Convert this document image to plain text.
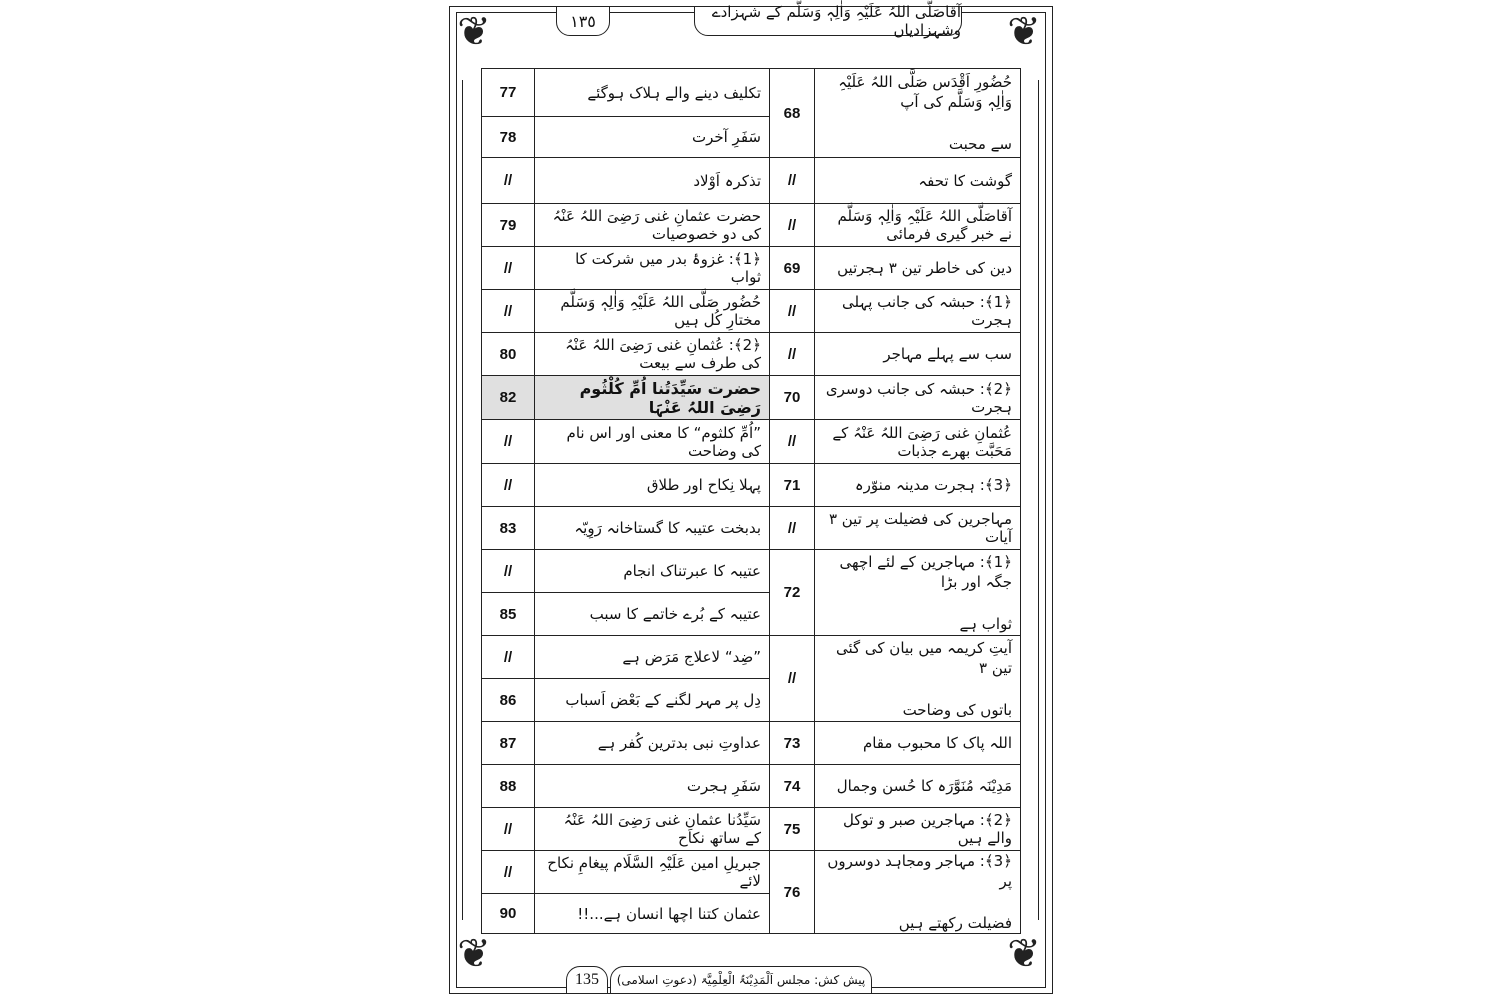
❦	❦
❦	❦
١٣٥	آقاصَلَّی اللہُ عَلَیْہِ وَاٰلِہٖ وَسَلَّم کے شہزادے وشہزادیاں
77	تکلیف دینے والے ہلاک ہوگئے	68	حُضُورِ اَقْدَس صَلَّی اللہُ عَلَیْہِ وَاٰلِہٖ وَسَلَّم کی آپ
سے محبت

78	سَفَرِ آخرت		
//	تذکرہ اَوْلاد	//	گوشت کا تحفہ
79	حضرت عثمانِ غنی رَضِیَ اللہُ عَنْہُ کی دو خصوصیات	//	آقاصَلَّی اللہُ عَلَیْہِ وَاٰلِہٖ وَسَلَّم نے خبر گیری فرمائی
//	﴿1﴾: غزوۂ بدر میں شرکت کا ثواب	69	دین کی خاطر تین ۳ ہجرتیں
//	حُضُور صَلَّی اللہُ عَلَیْہِ وَاٰلِہٖ وَسَلَّم مختارِ کُل ہیں	//	﴿1﴾: حبشہ کی جانب پہلی ہجرت
80	﴿2﴾: عُثمانِ غنی رَضِیَ اللہُ عَنْہُ کی طرف سے بیعت	//	سب سے پہلے مہاجر
82	حضرت سَیِّدَتُنا اُمِّ کُلْثُوم رَضِیَ اللہُ عَنْہَا	70	﴿2﴾: حبشہ کی جانب دوسری ہجرت
//	”اُمِّ کلثوم“ کا معنی اور اس نام کی وضاحت	//	عُثمانِ غنی رَضِیَ اللہُ عَنْہُ کے مَحَبَّت بھرے جذبات
//	پہلا نِکاح اور طلاق	71	﴿3﴾: ہجرت مدینہ منوّرہ
83	بدبخت عتیبہ کا گستاخانہ رَوِیّہ	//	مہاجرین کی فضیلت پر تین ۳ آیات
//	عتیبہ کا عبرتناک انجام	72	﴿1﴾: مہاجرین کے لئے اچھی جگہ اور بڑا
ثواب ہے

85	عتیبہ کے بُرے خاتمے کا سبب		
//	”ضِد“ لاعلاج مَرَض ہے	//	آیتِ کریمہ میں بیان کی گئی تین ۳
باتوں کی وضاحت

86	دِل پر مہر لگنے کے بَعْض اَسباب		
87	عداوتِ نبی بدترین کُفر ہے	73	اللہ پاک کا محبوب مقام
88	سَفَرِ ہجرت	74	مَدِیْنَہ مُنَوَّرَہ کا حُسن وجمال
//	سَیِّدُنا عثمانِ غنی رَضِیَ اللہُ عَنْہُ کے ساتھ نکاح	75	﴿2﴾: مہاجرین صبر و توکل والے ہیں
//	جبریلِ امین عَلَیْہِ السَّلَام پیغامِ نکاح لائے	76	﴿3﴾: مہاجر ومجاہد دوسروں پر
فضیلت رکھتے ہیں

90	عثمان کتنا اچھا انسان ہے...!!		
135	پیش کش: مجلس اَلْمَدِیْنَۃُ الْعِلْمِیَّۃ (دعوتِ اسلامی)
